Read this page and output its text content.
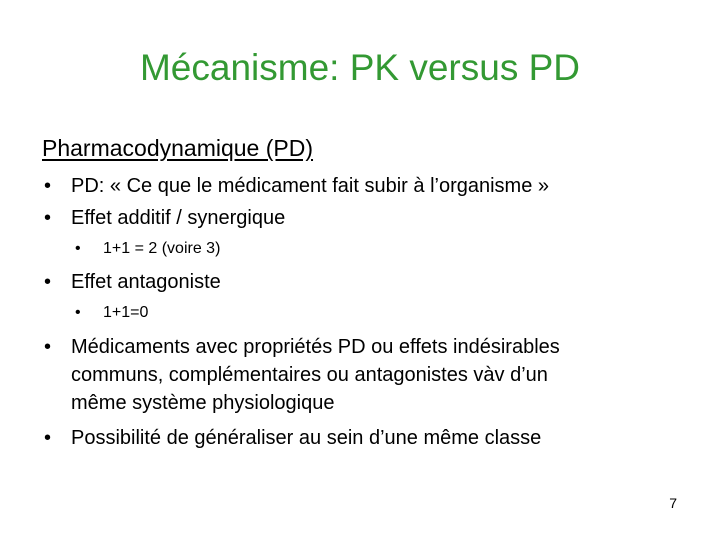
Mécanisme: PK versus PD
Pharmacodynamique (PD)
• PD: « Ce que le médicament fait subir à l’organisme »
• Effet additif / synergique
• 1+1 = 2 (voire 3)
• Effet antagoniste
• 1+1=0
• Médicaments avec propriétés PD ou effets indésirables
communs, complémentaires ou antagonistes vàv d’un
même système physiologique
• Possibilité de généraliser au sein d’une même classe
7
